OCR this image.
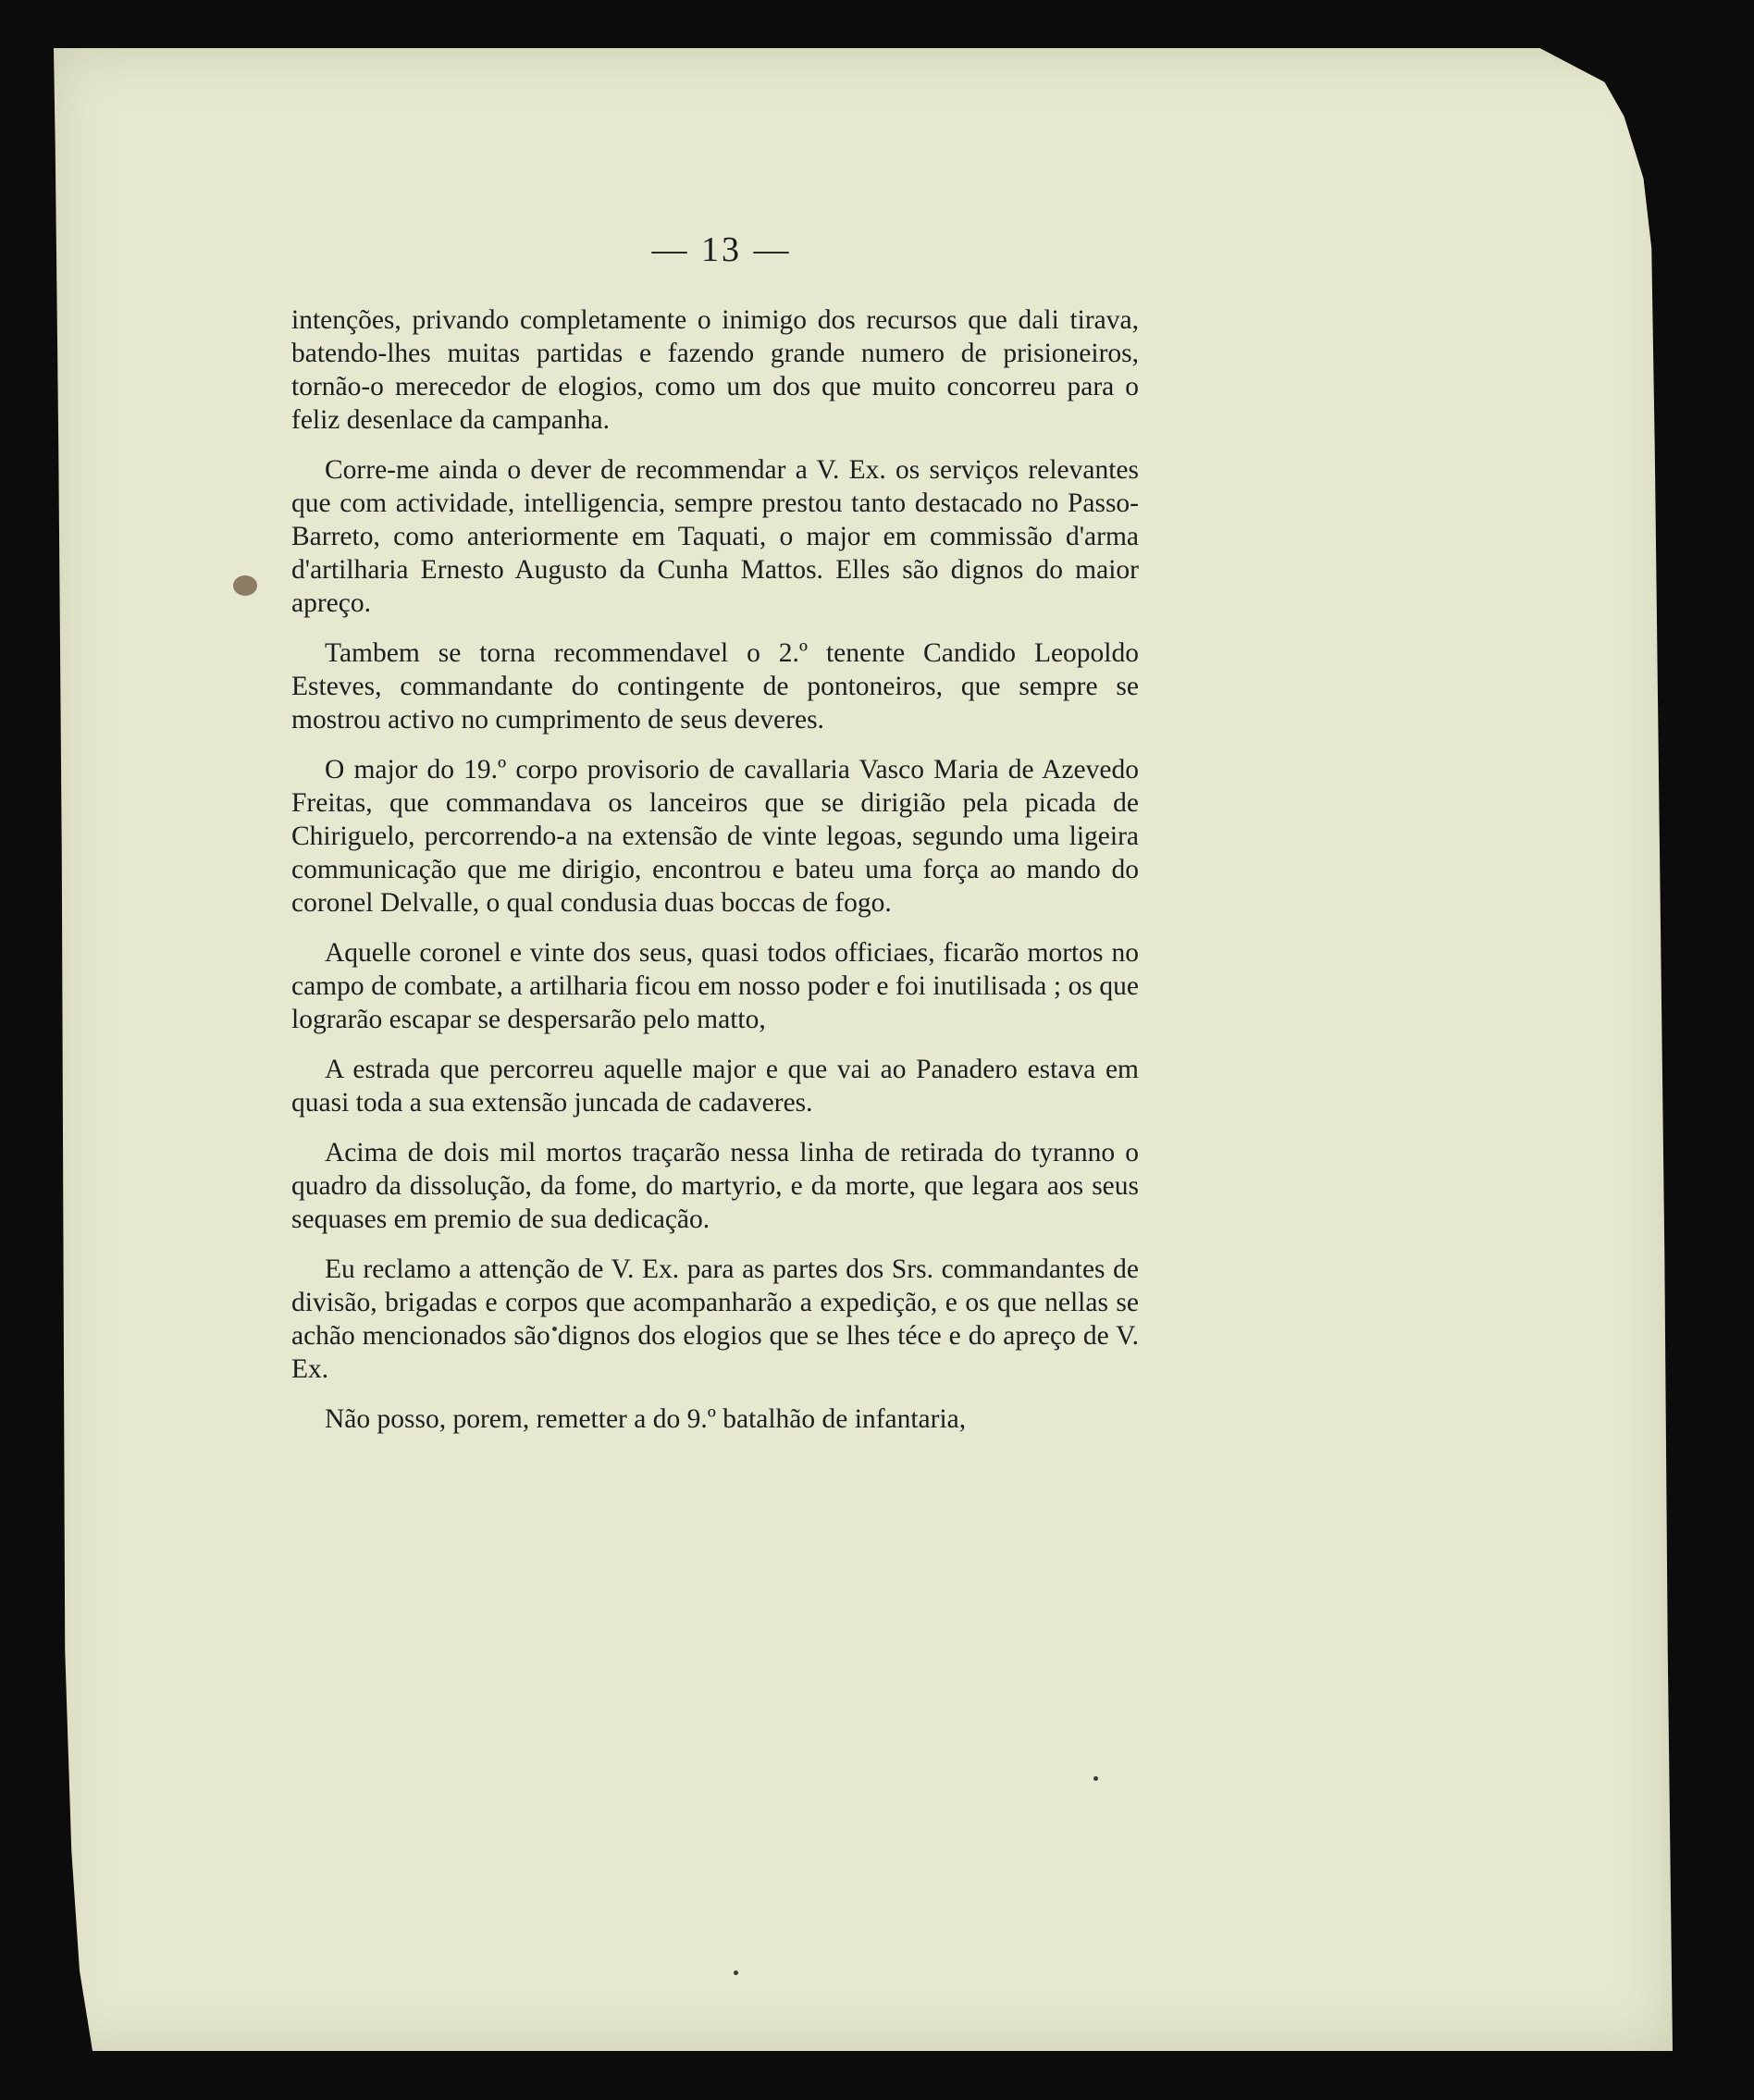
— 13 —

intenções, privando completamente o inimigo dos recursos que dali tirava, batendo-lhes muitas partidas e fazendo grande numero de prisioneiros, tornão-o merecedor de elogios, como um dos que muito concorreu para o feliz desenlace da campanha.

Corre-me ainda o dever de recommendar a V. Ex. os serviços relevantes que com actividade, intelligencia, sempre prestou tanto destacado no Passo-Barreto, como anteriormente em Taquati, o major em commissão d'arma d'artilharia Ernesto Augusto da Cunha Mattos. Elles são dignos do maior apreço.

Tambem se torna recommendavel o 2.º tenente Candido Leopoldo Esteves, commandante do contingente de pontoneiros, que sempre se mostrou activo no cumprimento de seus deveres.

O major do 19.º corpo provisorio de cavallaria Vasco Maria de Azevedo Freitas, que commandava os lanceiros que se dirigião pela picada de Chiriguelo, percorrendo-a na extensão de vinte legoas, segundo uma ligeira communicação que me dirigio, encontrou e bateu uma força ao mando do coronel Delvalle, o qual condusia duas boccas de fogo.

Aquelle coronel e vinte dos seus, quasi todos officiaes, ficarão mortos no campo de combate, a artilharia ficou em nosso poder e foi inutilisada ; os que lograrão escapar se despersarão pelo matto,

A estrada que percorreu aquelle major e que vai ao Panadero estava em quasi toda a sua extensão juncada de cadaveres.

Acima de dois mil mortos traçarão nessa linha de retirada do tyranno o quadro da dissolução, da fome, do martyrio, e da morte, que legara aos seus sequases em premio de sua dedicação.

Eu reclamo a attenção de V. Ex. para as partes dos Srs. commandantes de divisão, brigadas e corpos que acompanharão a expedição, e os que nellas se achão mencionados são dignos dos elogios que se lhes téce e do apreço de V. Ex.

Não posso, porem, remetter a do 9.º batalhão de infantaria,
